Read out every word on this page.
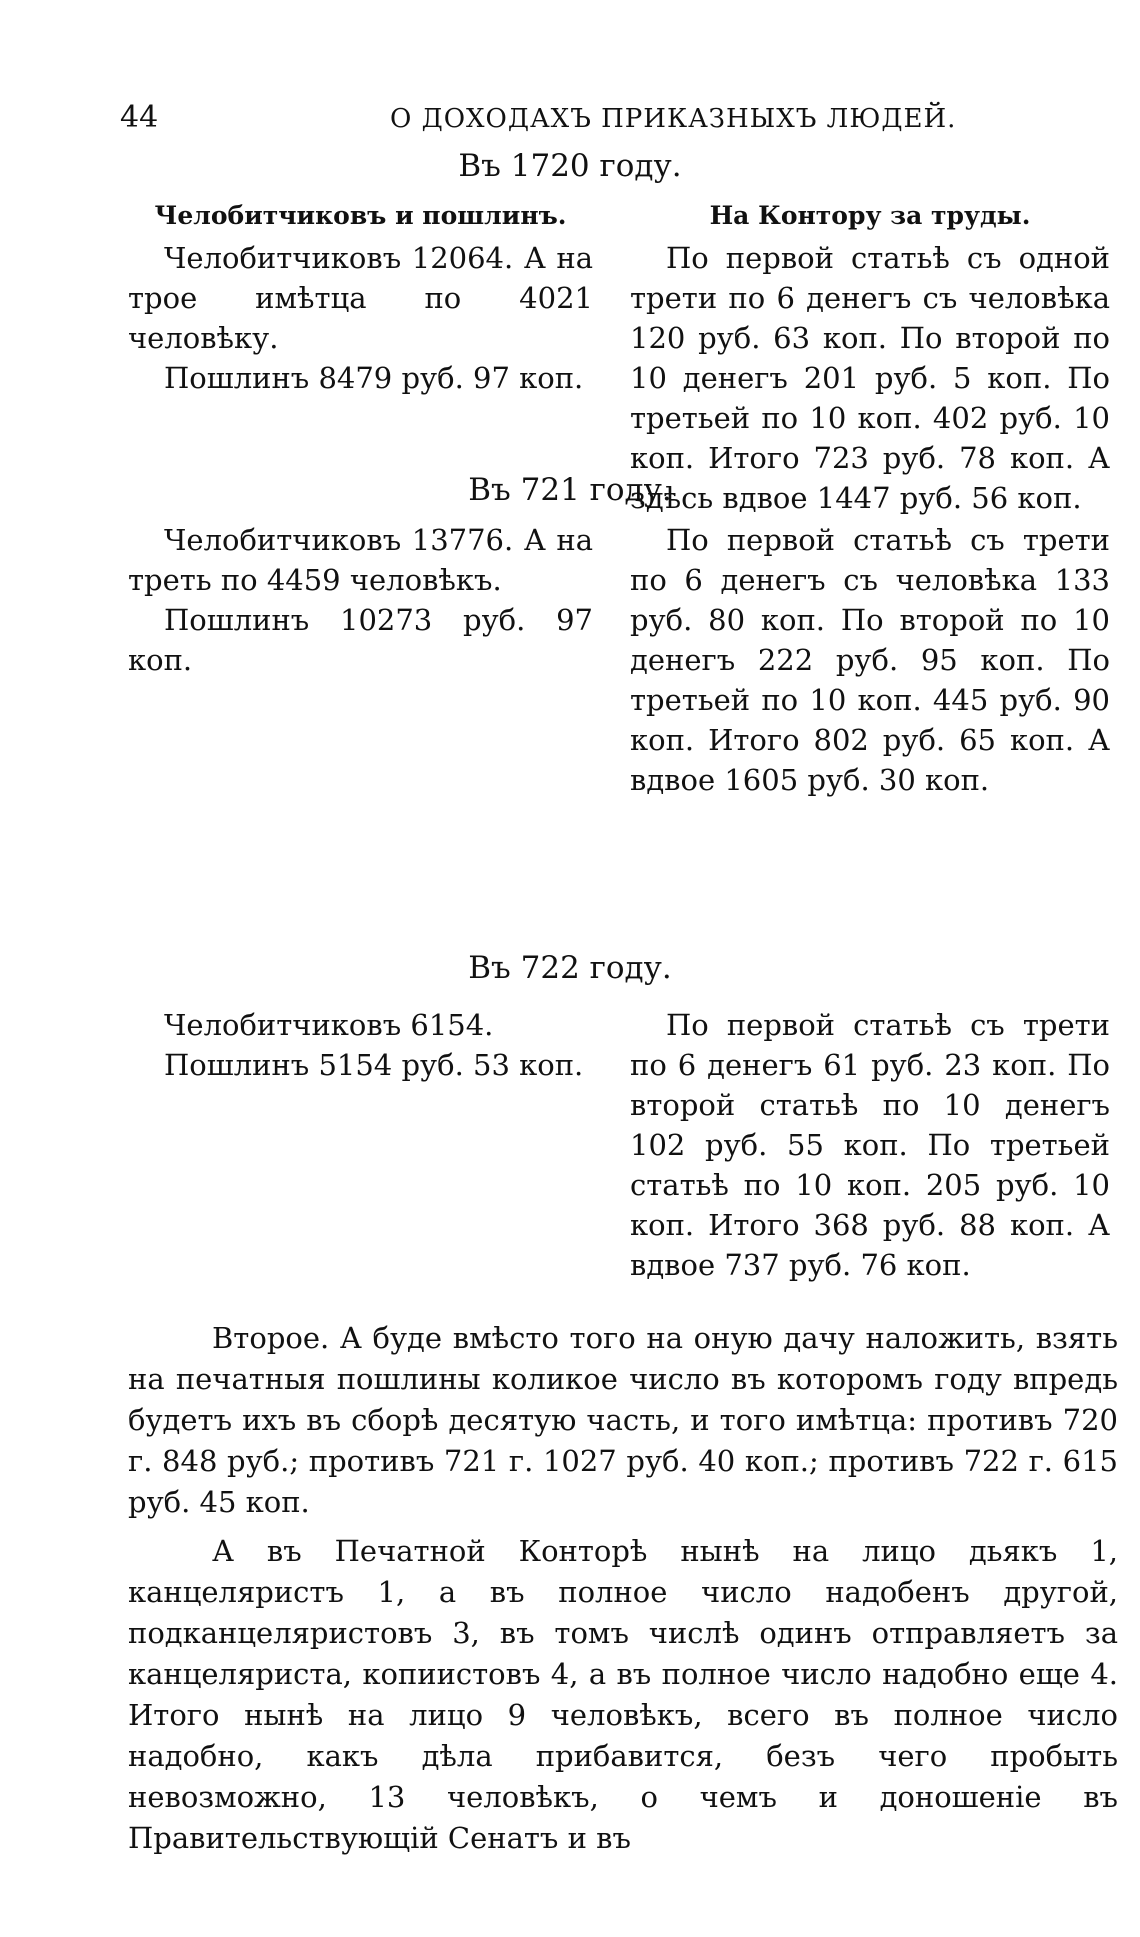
44	О ДОХОДАХЪ ПРИКАЗНЫХЪ ЛЮДЕЙ.
Въ 1720 году.

Челобитчиковъ и пошлинъ.

Челобитчиковъ 12064. А на трое имѣтца по 4021 человѣку.

Пошлинъ 8479 руб. 97 коп.

На Контору за труды.

По первой статьѣ съ одной трети по 6 денегъ съ человѣка 120 руб. 63 коп. По второй по 10 денегъ 201 руб. 5 коп. По третьей по 10 коп. 402 руб. 10 коп. Итого 723 руб. 78 коп. А здѣсь вдвое 1447 руб. 56 коп.

Въ 721 году.

Челобитчиковъ 13776. А на треть по 4459 человѣкъ.

Пошлинъ 10273 руб. 97 коп.

По первой статьѣ съ трети по 6 денегъ съ человѣка 133 руб. 80 коп. По второй по 10 денегъ 222 руб. 95 коп. По третьей по 10 коп. 445 руб. 90 коп. Итого 802 руб. 65 коп. А вдвое 1605 руб. 30 коп.

Въ 722 году.

Челобитчиковъ 6154.

Пошлинъ 5154 руб. 53 коп.

По первой статьѣ съ трети по 6 денегъ 61 руб. 23 коп. По второй статьѣ по 10 денегъ 102 руб. 55 коп. По третьей статьѣ по 10 коп. 205 руб. 10 коп. Итого 368 руб. 88 коп. А вдвое 737 руб. 76 коп.

Второе. А буде вмѣсто того на оную дачу наложить, взять на печатныя пошлины коликое число въ которомъ году впредь будетъ ихъ въ сборѣ десятую часть, и того имѣтца: противъ 720 г. 848 руб.; противъ 721 г. 1027 руб. 40 коп.; противъ 722 г. 615 руб. 45 коп.

А въ Печатной Конторѣ нынѣ на лицо дьякъ 1, канцеляристъ 1, а въ полное число надобенъ другой, подканцеляристовъ 3, въ томъ числѣ одинъ отправляетъ за канцеляриста, копиистовъ 4, а въ полное число надобно еще 4. Итого нынѣ на лицо 9 человѣкъ, всего въ полное число надобно, какъ дѣла прибавится, безъ чего пробыть невозможно, 13 человѣкъ, о чемъ и доношеніе въ Правительствующій Сенатъ и въ
